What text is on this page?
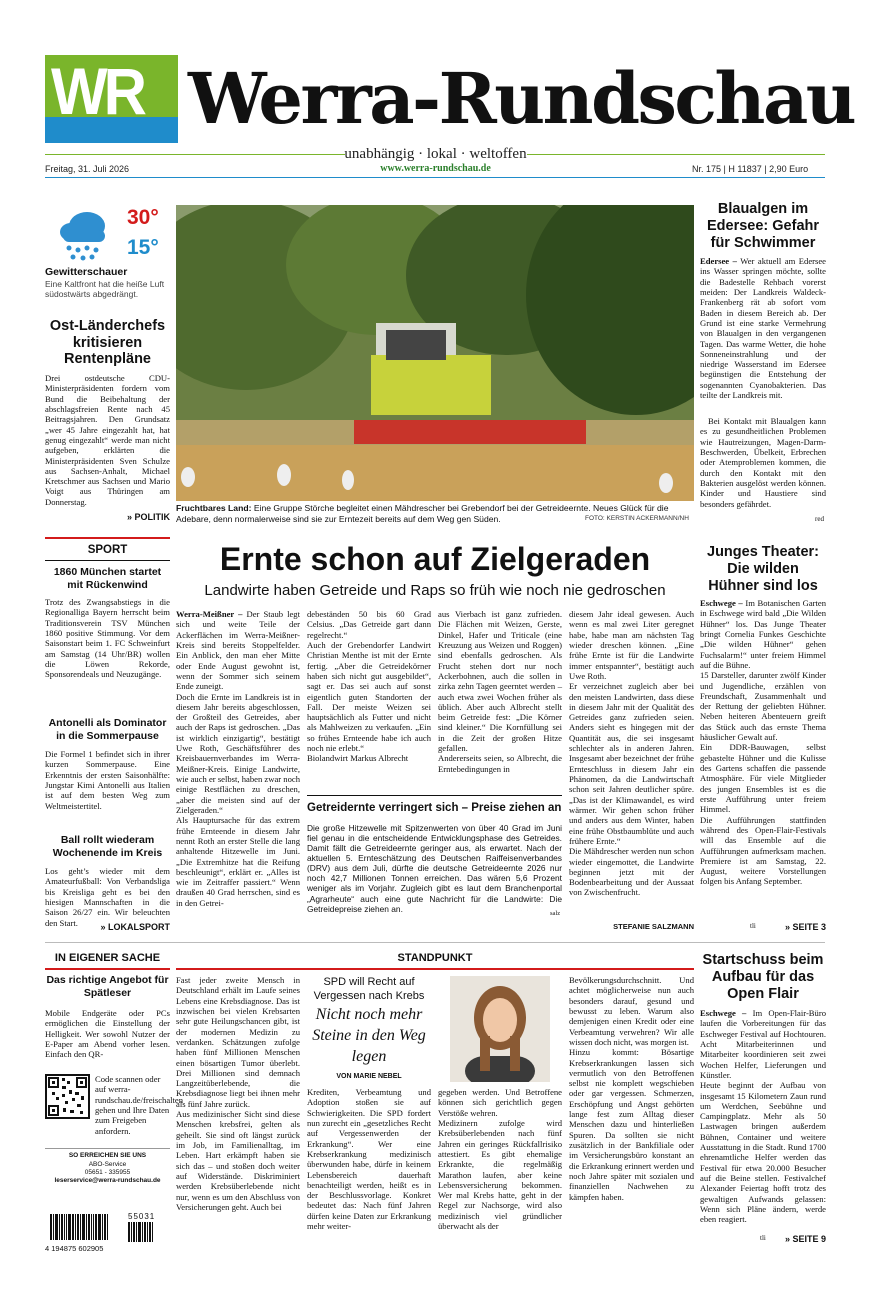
WR Werra-Rundschau
unabhängig · lokal · weltoffen
www.werra-rundschau.de
Freitag, 31. Juli 2026	Nr. 175 | H 11837 | 2,90 Euro
30°
15°
Gewitterschauer
Eine Kaltfront hat die heiße Luft südostwärts abgedrängt.
Ost-Länderchefs kritisieren Rentenpläne

Drei ostdeutsche CDU-Ministerpräsidenten fordern vom Bund die Beibehaltung der abschlagsfreien Rente nach 45 Beitragsjahren. Den Grundsatz „wer 45 Jahre eingezahlt hat, hat genug eingezahlt“ werde man nicht aufgeben, erklärten die Ministerpräsidenten Sven Schulze aus Sachsen-Anhalt, Michael Kretschmer aus Sachsen und Mario Voigt aus Thüringen am Donnerstag.

» POLITIK
Fruchtbares Land: Eine Gruppe Störche begleitet einen Mähdrescher bei Grebendorf bei der Getreideernte. Neues Glück für die Adebare, denn normalerweise sind sie zur Erntezeit bereits auf dem Weg gen Süden.	FOTO: KERSTIN ACKERMANN/NH
Blaualgen im Edersee: Gefahr für Schwimmer

Edersee – Wer aktuell am Edersee ins Wasser springen möchte, sollte die Badestelle Rehbach vorerst meiden: Der Landkreis Waldeck-Frankenberg rät ab sofort vom Baden in diesem Bereich ab. Der Grund ist eine starke Vermehrung von Blaualgen in den vergangenen Tagen. Das warme Wetter, die hohe Sonneneinstrahlung und der niedrige Wasserstand im Edersee begünstigen die Entstehung der sogenannten Cyanobakterien. Das teilte der Landkreis mit.

Bei Kontakt mit Blaualgen kann es zu gesundheitlichen Problemen wie Hautreizungen, Magen-Darm-Beschwerden, Übelkeit, Erbrechen oder Atemproblemen kommen, die durch den Kontakt mit den Bakterien ausgelöst werden können. Kinder und Haustiere sind besonders gefährdet.

red
SPORT
1860 München startet mit Rückenwind

Trotz des Zwangsabstiegs in die Regionalliga Bayern herrscht beim Traditionsverein TSV München 1860 positive Stimmung. Vor dem Saisonstart beim 1. FC Schweinfurt am Samstag (14 Uhr/BR) wollen die Löwen Rekorde, Sponsorendeals und Neuzugänge.

Antonelli als Dominator in die Sommerpause

Die Formel 1 befindet sich in ihrer kurzen Sommerpause. Eine Erkenntnis der ersten Saisonhälfte: Jungstar Kimi Antonelli aus Italien ist auf dem besten Weg zum Weltmeistertitel.

Ball rollt wiederam Wochenende im Kreis

Los geht’s wieder mit dem Amateurfußball: Von Verbandsliga bis Kreisliga geht es bei den hiesigen Mannschaften in die Saison 26/27 ein. Wir beleuchten den Start.	» LOKALSPORT
Ernte schon auf Zielgeraden
Landwirte haben Getreide und Raps so früh wie noch nie gedroschen

Werra-Meißner – Der Staub legt sich und weite Teile der Ackerflächen im Werra-Meißner-Kreis sind bereits Stoppelfelder. Ein Anblick, den man eher Mitte oder Ende August gewohnt ist, wenn der Sommer sich seinem Ende zuneigt.
Doch die Ernte im Landkreis ist in diesem Jahr bereits abgeschlossen, der Großteil des Getreides, aber auch der Raps ist gedroschen. „Das ist wirklich einzigartig“, bestätigt Uwe Roth, Geschäftsführer des Kreisbauernverbandes im Werra-Meißner-Kreis. Einige Landwirte, wie auch er selbst, haben zwar noch einige Restflächen zu dreschen, „aber die meisten sind auf der Zielgeraden.“
Als Hauptursache für das extrem frühe Ernteende in diesem Jahr nennt Roth an erster Stelle die lang anhaltende Hitzewelle im Juni. „Die Extremhitze hat die Reifung beschleunigt“, erklärt er. „Alles ist wie im Zeitraffer passiert.“ Wenn draußen 40 Grad herrschen, sind es in den Getrei-

debeständen 50 bis 60 Grad Celsius. „Das Getreide gart dann regelrecht.“
Auch der Grebendorfer Landwirt Christian Menthe ist mit der Ernte fertig. „Aber die Getreidekörner haben sich nicht gut ausgebildet“, sagt er. Das sei auch auf sonst eigentlich guten Standorten der Fall. Der meiste Weizen sei hauptsächlich als Futter und nicht als Mahlweizen zu verkaufen. „Ein so frühes Ernteende habe ich auch noch nie erlebt.“
Biolandwirt Markus Albrecht

aus Vierbach ist ganz zufrieden. Die Flächen mit Weizen, Gerste, Dinkel, Hafer und Triticale (eine Kreuzung aus Weizen und Roggen) sind ebenfalls gedroschen. Als Frucht stehen dort nur noch Ackerbohnen, auch die sollen in zirka zehn Tagen geerntet werden – auch etwa zwei Wochen früher als üblich. Aber auch Albrecht stellt beim Getreide fest: „Die Körner sind kleiner.“ Die Kornfüllung sei in die Zeit der großen Hitze gefallen.
Andererseits seien, so Albrecht, die Erntebedingungen in

diesem Jahr ideal gewesen. Auch wenn es mal zwei Liter geregnet habe, habe man am nächsten Tag wieder dreschen können. „Eine frühe Ernte ist für die Landwirte immer entspannter“, bestätigt auch Uwe Roth.
Er verzeichnet zugleich aber bei den meisten Landwirten, dass diese in diesem Jahr mit der Qualität des Getreides ganz zufrieden seien. Anders sieht es hingegen mit der Quantität aus, die sei insgesamt schlechter als in anderen Jahren. Insgesamt aber bezeichnet der frühe Ernteschluss in diesem Jahr ein Phänomen, da die Landwirtschaft schon seit Jahren deutlicher spüre. „Das ist der Klimawandel, es wird wärmer. Wir gehen schon früher und anders aus dem Winter, haben eine frühe Obstbaumblüte und auch frühere Ernte.“
Die Mähdrescher werden nun schon wieder eingemottet, die Landwirte beginnen jetzt mit der Bodenbearbeitung und der Aussaat von Zwischenfrucht.

STEFANIE SALZMANN
Getreidernte verringert sich – Preise ziehen an

Die große Hitzewelle mit Spitzenwerten von über 40 Grad im Juni fiel genau in die entscheidende Entwicklungsphase des Getreides. Damit fällt die Getreideernte geringer aus, als erwartet. Nach der aktuellen 5. Ernteschätzung des Deutschen Raiffeisenverbandes (DRV) aus dem Juli, dürfte die deutsche Getreideernte 2026 nur noch 42,7 Millionen Tonnen erreichen. Das wären 5,6 Prozent weniger als im Vorjahr. Zugleich gibt es laut dem Branchenportal „Agrarheute“ auch eine gute Nachricht für die Landwirte: Die Getreidepreise ziehen an.	salz
Junges Theater: Die wilden Hühner sind los

Eschwege – Im Botanischen Garten in Eschwege wird bald „Die Wilden Hühner“ los. Das Junge Theater bringt Cornelia Funkes Geschichte „Die wilden Hühner“ gehen Fuchsalarm!“ unter freiem Himmel auf die Bühne.
15 Darsteller, darunter zwölf Kinder und Jugendliche, erzählen von Freundschaft, Zusammenhalt und der Rettung der geliebten Hühner. Neben heiteren Abenteuern greift das Stück auch das ernste Thema häuslicher Gewalt auf.
Ein DDR-Bauwagen, selbst gebastelte Hühner und die Kulisse des Gartens schaffen die passende Atmosphäre. Für viele Mitglieder des jungen Ensembles ist es die erste Aufführung unter freiem Himmel.
Die Aufführungen stattfinden während des Open-Flair-Festivals will das Ensemble auf die Aufführungen aufmerksam machen. Premiere ist am Samstag, 22. August, weitere Vorstellungen folgen bis Anfang September.

tli	» SEITE 3
IN EIGENER SACHE
Das richtige Angebot für Spätleser

Mobile Endgeräte oder PCs ermöglichen die Einstellung der Helligkeit. Wer sowohl Nutzer der E-Paper am Abend vorher lesen. Einfach den QR-

Code scannen oder auf werra-rundschau.de/freischalten gehen und Ihre Daten zum Freigeben anfordern.

SO ERREICHEN SIE UNS
ABO-Service
05651 - 335955
leserservice@werra-rundschau.de
55031
4 194875 602905
STANDPUNKT

Fast jeder zweite Mensch in Deutschland erhält im Laufe seines Lebens eine Krebsdiagnose. Das ist inzwischen bei vielen Krebsarten sehr gute Heilungschancen gibt, ist der modernen Medizin zu verdanken. Schätzungen zufolge haben fünf Millionen Menschen einen bösartigen Tumor überlebt. Drei Millionen sind demnach Langzeitüberlebende, die Krebsdiagnose liegt bei ihnen mehr als fünf Jahre zurück.
Aus medizinischer Sicht sind diese Menschen krebsfrei, gelten als geheilt. Sie sind oft längst zurück im Job, im Familienalltag, im Leben. Hart erkämpft haben sie sich das – und stoßen doch weiter auf Widerstände. Diskriminiert werden Krebsüberlebende nicht nur, wenn es um den Abschluss von Versicherungen geht. Auch bei

SPD will Recht auf Vergessen nach Krebs
Nicht noch mehr Steine in den Weg legen
VON MARIE NEBEL

Krediten, Verbeamtung und Adoption stoßen sie auf Schwierigkeiten. Die SPD fordert nun zurecht ein „gesetzliches Recht auf Vergessenwerden der Erkrankung“. Wer eine Krebserkrankung medizinisch überwunden habe, dürfe in keinem Lebensbereich dauerhaft benachteiligt werden, heißt es in der Beschlussvorlage. Konkret bedeutet das: Nach fünf Jahren dürfen keine Daten zur Erkrankung mehr weiter-

gegeben werden. Und Betroffene können sich gerichtlich gegen Verstöße wehren.
Medizinern zufolge wird Krebsüberlebenden nach fünf Jahren ein geringes Rückfallrisiko attestiert. Es gibt ehemalige Erkrankte, die regelmäßig Marathon laufen, aber keine Lebensversicherung bekommen. Wer mal Krebs hatte, geht in der Regel zur Nachsorge, wird also medizinisch viel gründlicher überwacht als der

Bevölkerungsdurchschnitt. Und achtet möglicherweise nun auch besonders darauf, gesund und bewusst zu leben. Warum also demjenigen einen Kredit oder eine Verbeamtung verwehren? Wir alle wissen doch nicht, was morgen ist.
Hinzu kommt: Bösartige Krebserkrankungen lassen sich vermutlich von den Betroffenen selbst nie komplett wegschieben oder gar vergessen. Schmerzen, Erschöpfung und Angst gehörten lange fest zum Alltag dieser Menschen dazu und hinterließen Spuren. Da sollten sie nicht zusätzlich in der Bankfiliale oder im Versicherungsbüro konstant an die Erkrankung erinnert werden und noch Jahre später mit sozialen und finanziellen Nachwehen zu kämpfen haben.

Startschuss beim Aufbau für das Open Flair

Eschwege – Im Open-Flair-Büro laufen die Vorbereitungen für das Eschweger Festival auf Hochtouren. Acht Mitarbeiterinnen und Mitarbeiter koordinieren seit zwei Wochen Helfer, Lieferungen und Künstler.
Heute beginnt der Aufbau von insgesamt 15 Kilometern Zaun rund um Werdchen, Seebühne und Campingplatz. Mehr als 50 Lastwagen bringen außerdem Bühnen, Container und weitere Ausstattung in die Stadt. Rund 1700 ehrenamtliche Helfer werden das Festival für etwa 20.000 Besucher auf die Beine stellen. Festivalchef Alexander Feiertag hofft trotz des gewaltigen Aufwands gelassen: Wenn sich Pläne ändern, werde eben reagiert.

tli	» SEITE 9
